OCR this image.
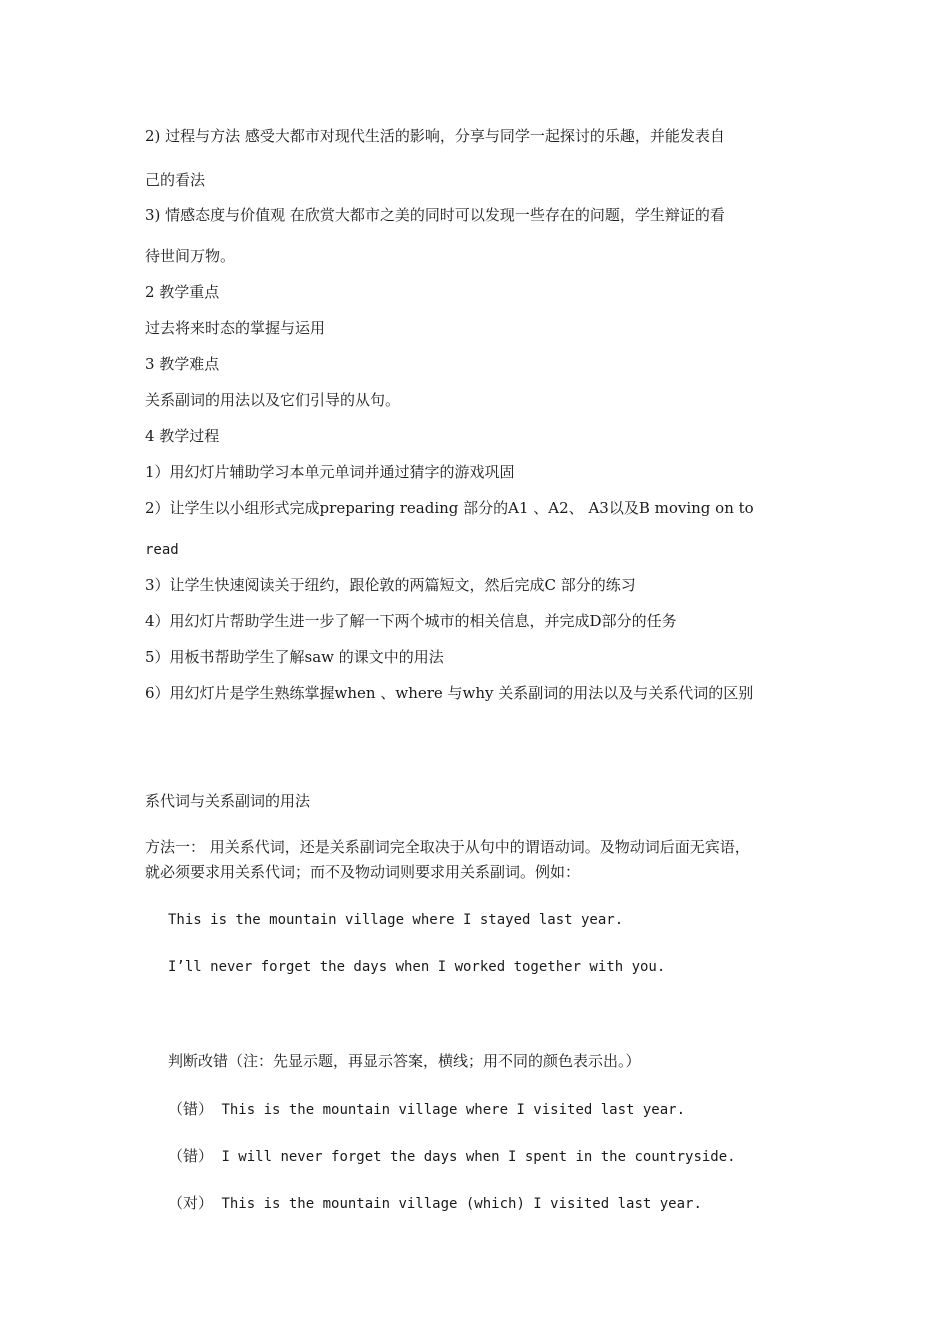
2) 过程与方法 感受大都市对现代生活的影响，分享与同学一起探讨的乐趣，并能发表自
己的看法
3) 情感态度与价值观 在欣赏大都市之美的同时可以发现一些存在的问题，学生辩证的看
待世间万物。
2 教学重点
过去将来时态的掌握与运用
3 教学难点
关系副词的用法以及它们引导的从句。
4 教学过程
1）用幻灯片辅助学习本单元单词并通过猜字的游戏巩固
2）让学生以小组形式完成preparing reading 部分的A1 、A2、 A3以及B moving on to
read
3）让学生快速阅读关于纽约，跟伦敦的两篇短文，然后完成C 部分的练习
4）用幻灯片帮助学生进一步了解一下两个城市的相关信息，并完成D部分的任务
5）用板书帮助学生了解saw 的课文中的用法
6）用幻灯片是学生熟练掌握when 、where 与why 关系副词的用法以及与关系代词的区别
系代词与关系副词的用法
方法一： 用关系代词，还是关系副词完全取决于从句中的谓语动词。及物动词后面无宾语，
就必须要求用关系代词；而不及物动词则要求用关系副词。例如：
This is the mountain village where I stayed last year.
I’ll never forget the days when I worked together with you.
判断改错（注：先显示题，再显示答案，横线；用不同的颜色表示出。）
（错） This is the mountain village where I visited last year.
（错） I will never forget the days when I spent in the countryside.
（对） This is the mountain village (which) I visited last year.
